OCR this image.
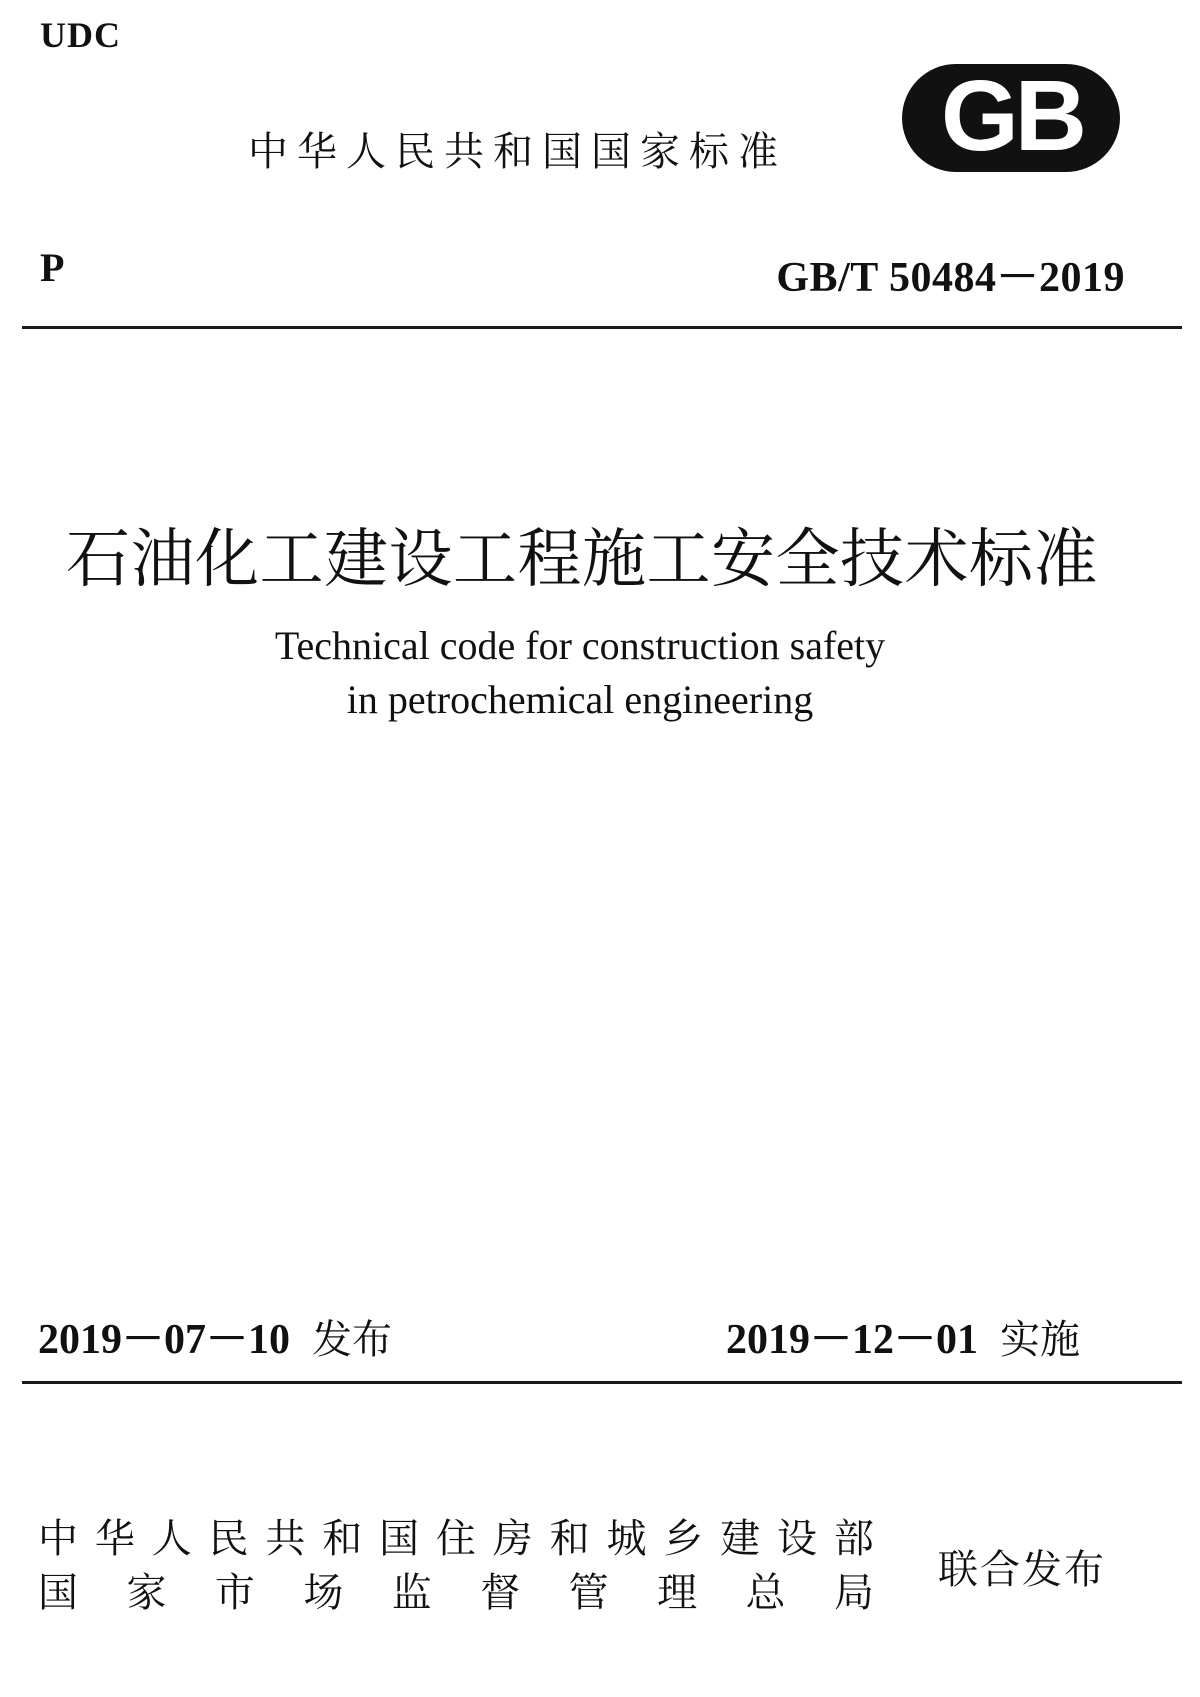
UDC
中华人民共和国国家标准 GB
P	GB/T 50484－2019
石油化工建设工程施工安全技术标准
Technical code for construction safety
in petrochemical engineering
2019－07－10 发布	2019－12－01 实施
中 华 人 民 共 和 国 住 房 和 城 乡 建 设 部
国 家 市 场 监 督 管 理 总 局 联合发布
